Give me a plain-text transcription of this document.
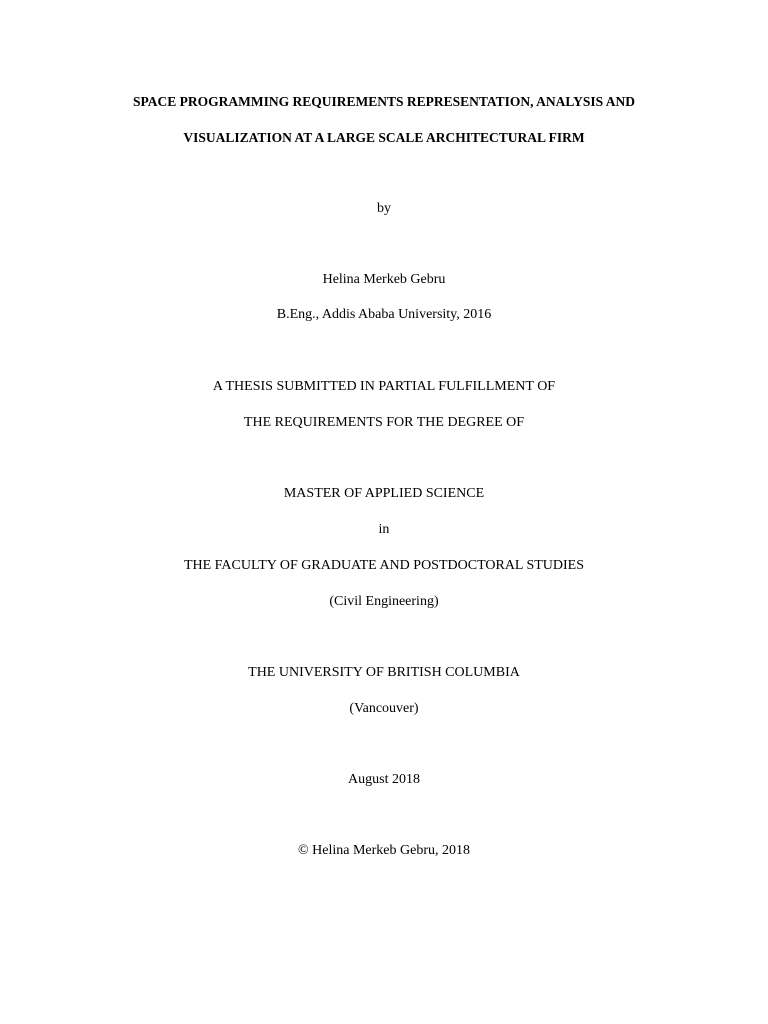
SPACE PROGRAMMING REQUIREMENTS REPRESENTATION, ANALYSIS AND
VISUALIZATION AT A LARGE SCALE ARCHITECTURAL FIRM
by
Helina Merkeb Gebru
B.Eng., Addis Ababa University, 2016
A THESIS SUBMITTED IN PARTIAL FULFILLMENT OF
THE REQUIREMENTS FOR THE DEGREE OF
MASTER OF APPLIED SCIENCE
in
THE FACULTY OF GRADUATE AND POSTDOCTORAL STUDIES
(Civil Engineering)
THE UNIVERSITY OF BRITISH COLUMBIA
(Vancouver)
August 2018
© Helina Merkeb Gebru, 2018
